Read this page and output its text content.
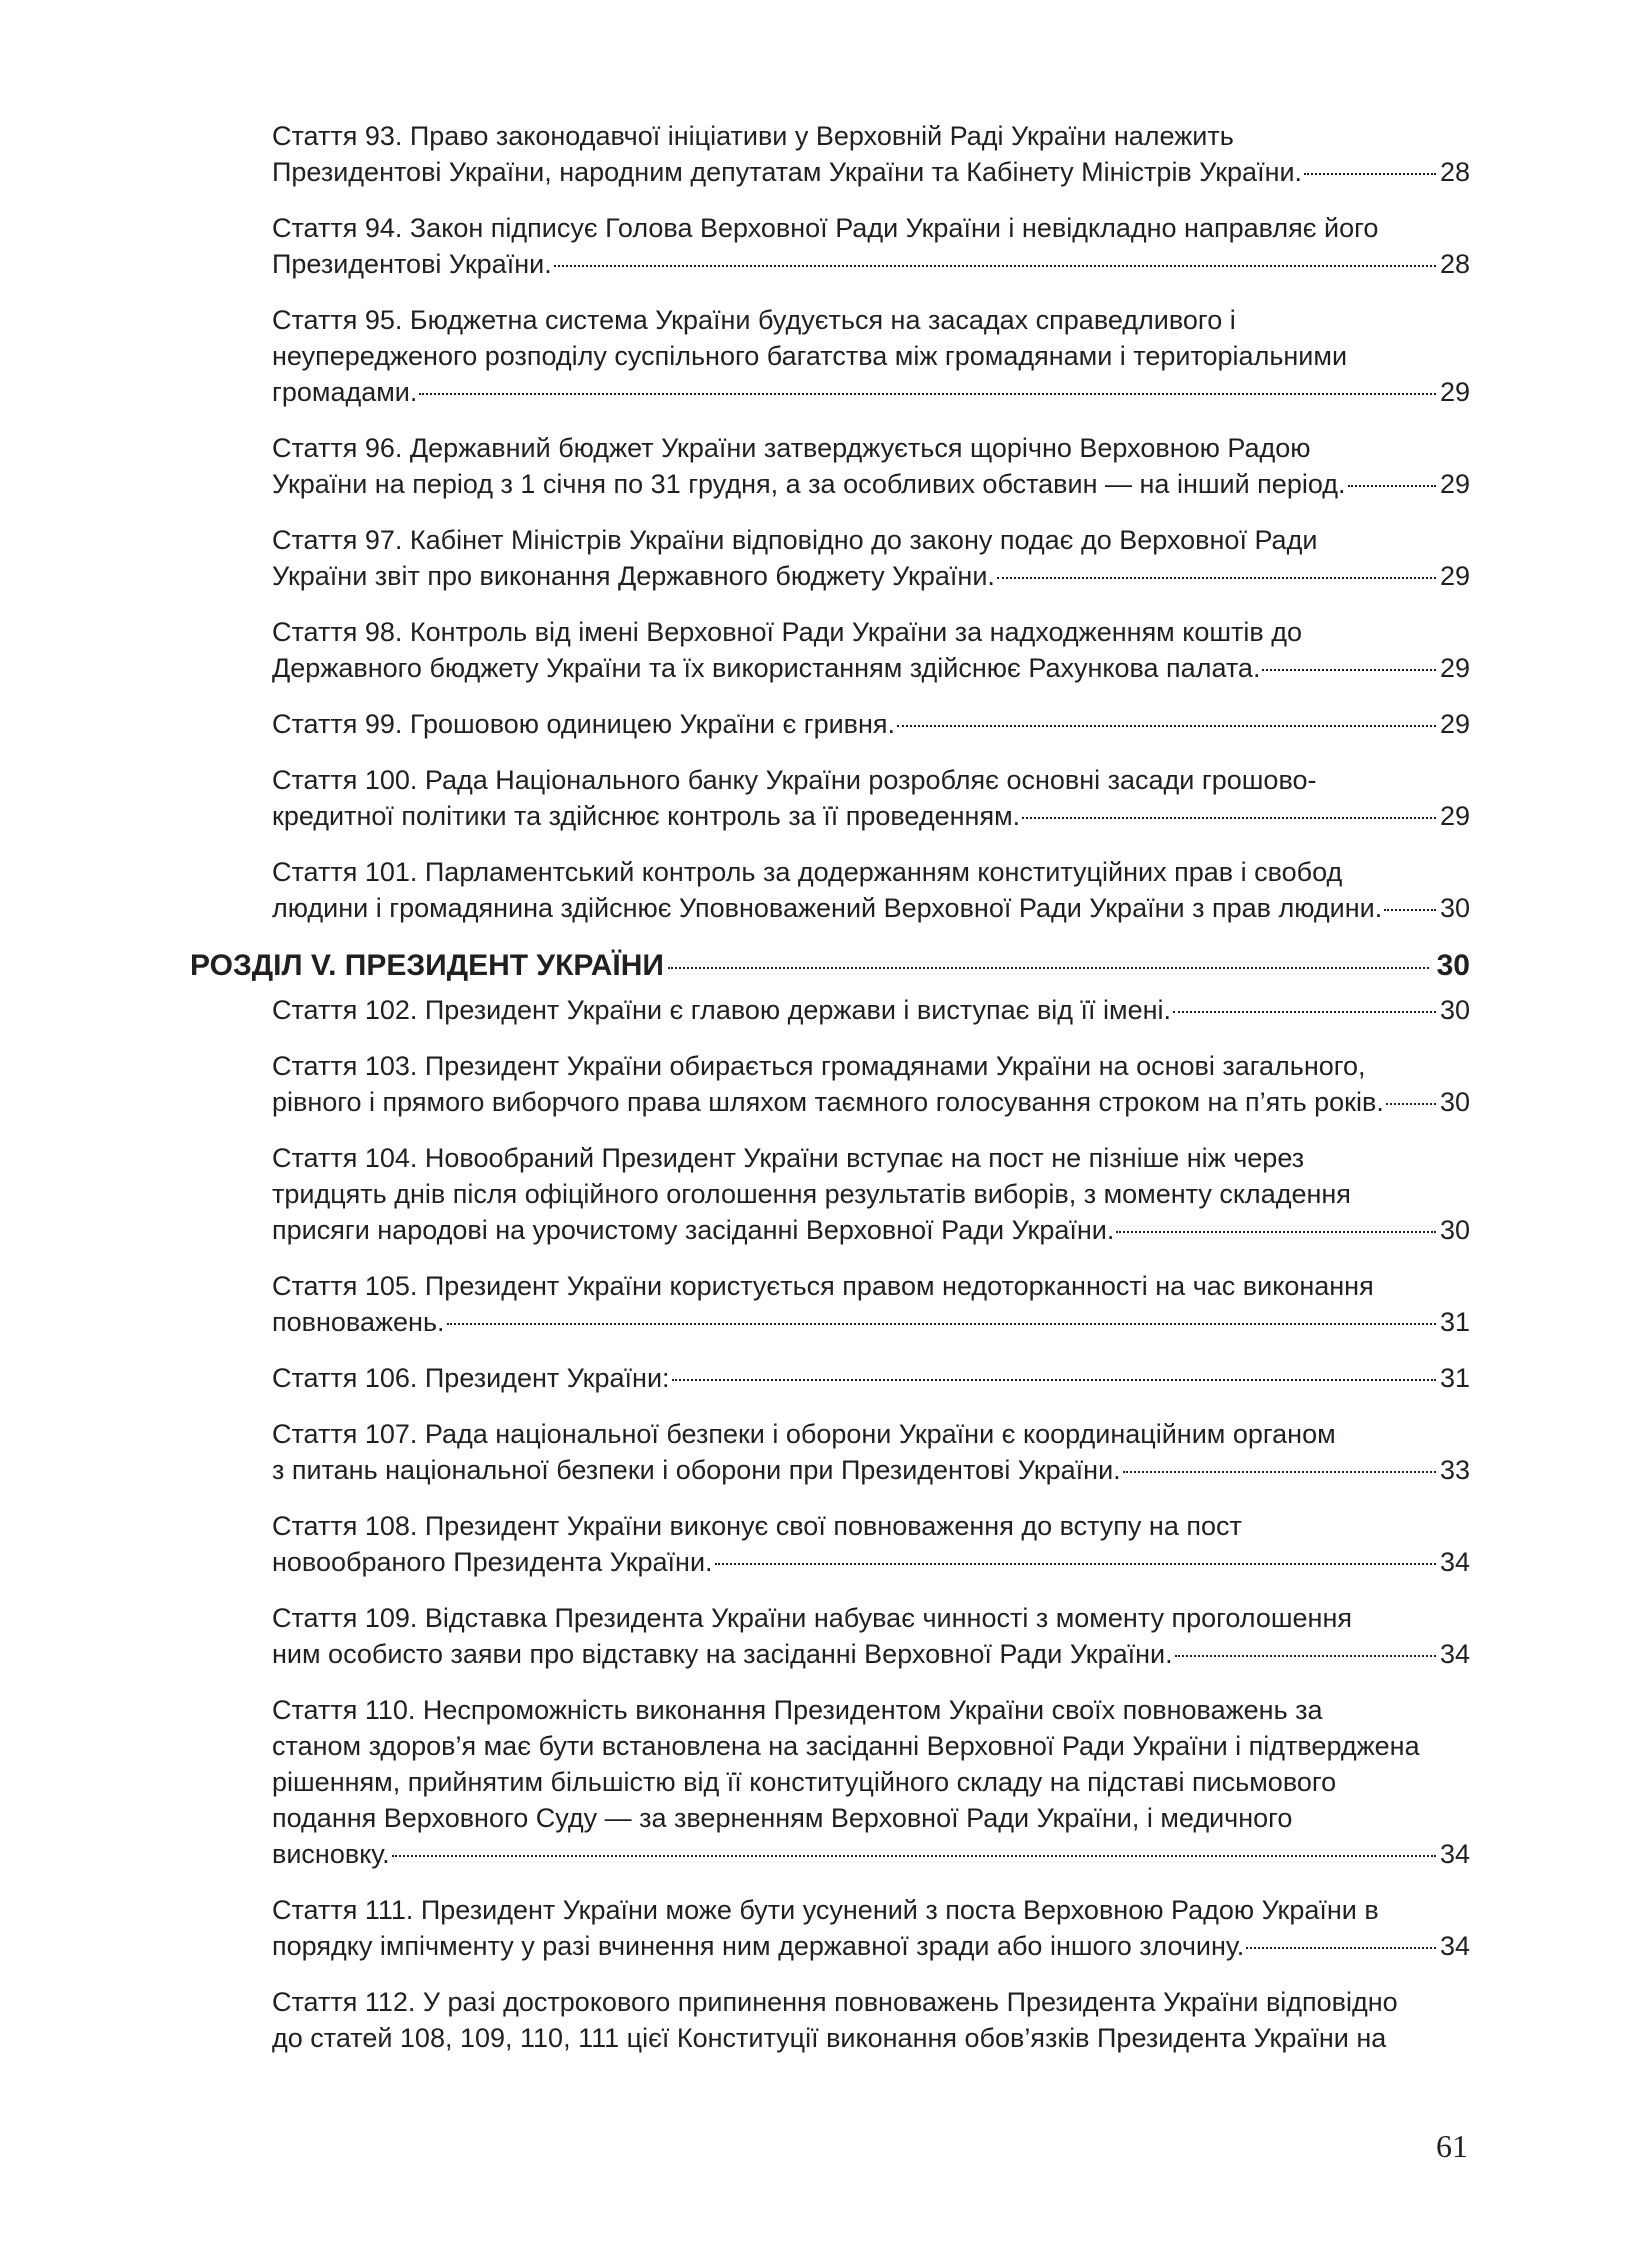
Стаття 93. Право законодавчої ініціативи у Верховній Раді України належить
Президентові України, народним депутатам України та Кабінету Міністрів України.	28
Стаття 94. Закон підписує Голова Верховної Ради України і невідкладно направляє його
Президентові України.	28
Стаття 95. Бюджетна система України будується на засадах справедливого і
неупередженого розподілу суспільного багатства між громадянами і територіальними
громадами.	29
Стаття 96. Державний бюджет України затверджується щорічно Верховною Радою
України на період з 1 січня по 31 грудня, а за особливих обставин — на інший період.	29
Стаття 97. Кабінет Міністрів України відповідно до закону подає до Верховної Ради
України звіт про виконання Державного бюджету України.	29
Стаття 98. Контроль від імені Верховної Ради України за надходженням коштів до
Державного бюджету України та їх використанням здійснює Рахункова палата.	29
Стаття 99. Грошовою одиницею України є гривня.	29
Стаття 100. Рада Національного банку України розробляє основні засади грошово-
кредитної політики та здійснює контроль за її проведенням.	29
Стаття 101. Парламентський контроль за додержанням конституційних прав і свобод
людини і громадянина здійснює Уповноважений Верховної Ради України з прав людини. 30
РОЗДІЛ V. ПРЕЗИДЕНТ УКРАЇНИ	30
Стаття 102. Президент України є главою держави і виступає від її імені.	30
Стаття 103. Президент України обирається громадянами України на основі загального,
рівного і прямого виборчого права шляхом таємного голосування строком на п’ять років. 30
Стаття 104. Новообраний Президент України вступає на пост не пізніше ніж через
тридцять днів після офіційного оголошення результатів виборів, з моменту складення
присяги народові на урочистому засіданні Верховної Ради України.	30
Стаття 105. Президент України користується правом недоторканності на час виконання
повноважень.	31
Стаття 106. Президент України:	31
Стаття 107. Рада національної безпеки і оборони України є координаційним органом
з питань національної безпеки і оборони при Президентові України.	33
Стаття 108. Президент України виконує свої повноваження до вступу на пост
новообраного Президента України.	34
Стаття 109. Відставка Президента України набуває чинності з моменту проголошення
ним особисто заяви про відставку на засіданні Верховної Ради України.	34
Стаття 110. Неспроможність виконання Президентом України своїх повноважень за
станом здоров’я має бути встановлена на засіданні Верховної Ради України і підтверджена
рішенням, прийнятим більшістю від її конституційного складу на підставі письмового
подання Верховного Суду — за зверненням Верховної Ради України, і медичного
висновку.	34
Стаття 111. Президент України може бути усунений з поста Верховною Радою України в
порядку імпічменту у разі вчинення ним державної зради або іншого злочину.	34
Стаття 112. У разі дострокового припинення повноважень Президента України відповідно
до статей 108, 109, 110, 111 цієї Конституції виконання обов’язків Президента України на
61
